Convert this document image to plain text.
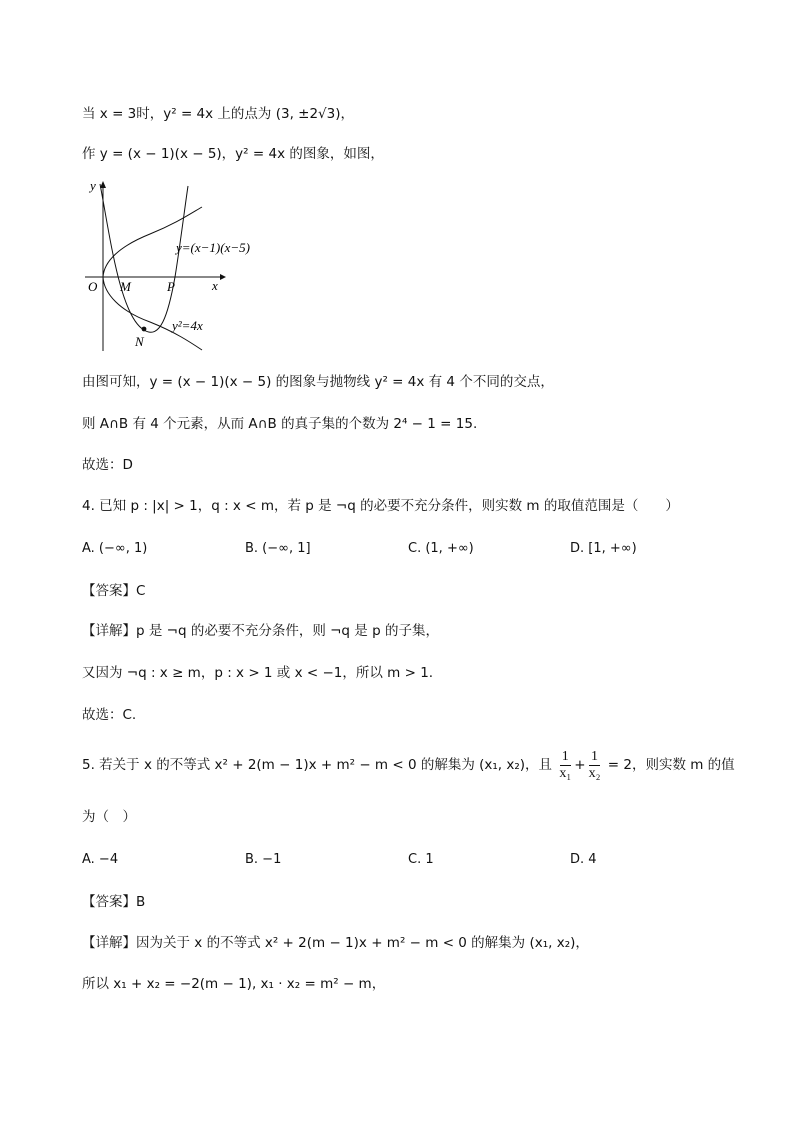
当 x = 3时，y² = 4x 上的点为 (3, ±2√3)，
作 y = (x − 1)(x − 5)，y² = 4x 的图象，如图，
y
x
O M	P
N
y=(x−1)(x−5)
y²=4x
由图可知，y = (x − 1)(x − 5) 的图象与抛物线 y² = 4x 有 4 个不同的交点，
则 A∩B 有 4 个元素，从而 A∩B 的真子集的个数为 2⁴ − 1 = 15.
故选：D
4. 已知 p : |x| > 1，q : x < m，若 p 是 ¬q 的必要不充分条件，则实数 m 的取值范围是（　　）
A. (−∞, 1)	B. (−∞, 1]	C. (1, +∞)	D. [1, +∞)
【答案】C
【详解】p 是 ¬q 的必要不充分条件，则 ¬q 是 p 的子集，
又因为 ¬q : x ≥ m，p : x > 1 或 x < −1，所以 m > 1.
故选：C.
5. 若关于 x 的不等式 x² + 2(m − 1)x + m² − m < 0 的解集为 (x₁, x₂)，且 $\frac{1}{\text{x₁}} + \frac{1}{\text{x₂}} = 2$，则实数 m 的值
为（　）
A. −4	B. −1	C. 1	D. 4
【答案】B
【详解】因为关于 x 的不等式 x² + 2(m − 1)x + m² − m < 0 的解集为 (x₁, x₂)，
所以 x₁ + x₂ = −2(m − 1), x₁ · x₂ = m² − m，
